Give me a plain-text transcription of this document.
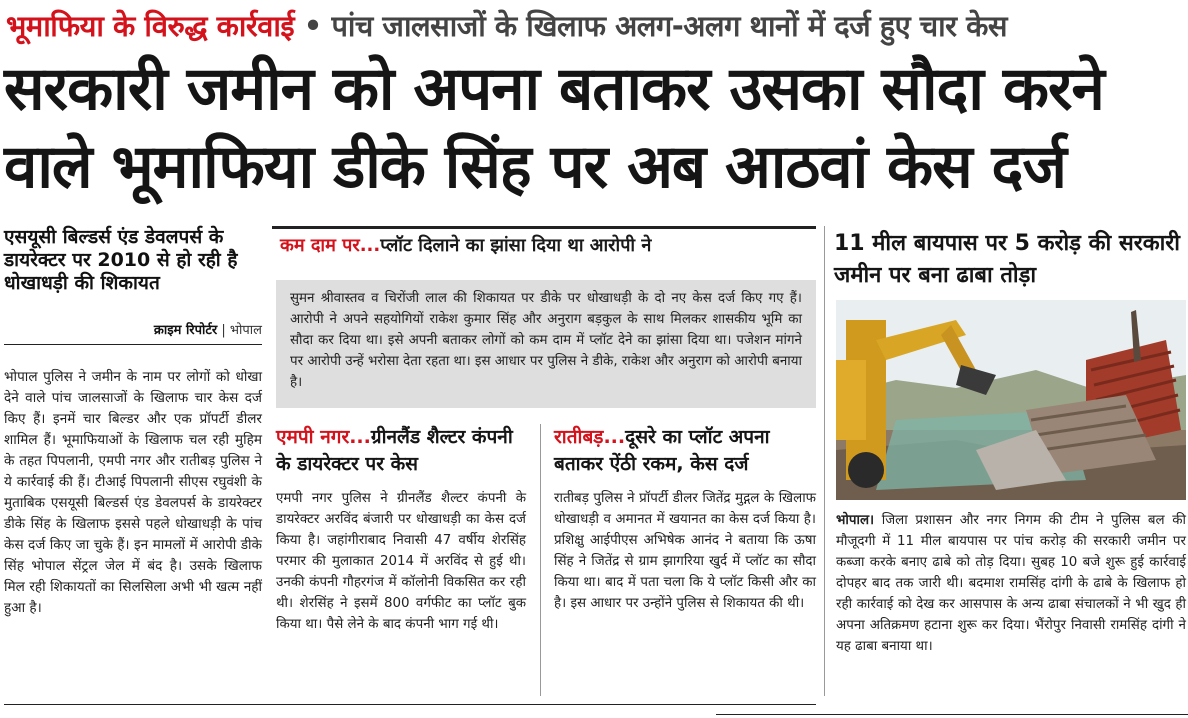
भूमाफिया के विरुद्ध कार्रवाई • पांच जालसाजों के खिलाफ अलग-अलग थानों में दर्ज हुए चार केस
सरकारी जमीन को अपना बताकर उसका सौदा करने
वाले भूमाफिया डीके सिंह पर अब आठवां केस दर्ज
एसयूसी बिल्डर्स एंड डेवलपर्स के डायरेक्टर पर 2010 से हो रही है धोखाधड़ी की शिकायत
क्राइम रिपोर्टर | भोपाल
भोपाल पुलिस ने जमीन के नाम पर लोगों को धोखा देने वाले पांच जालसाजों के खिलाफ चार केस दर्ज किए हैं। इनमें चार बिल्डर और एक प्रॉपर्टी डीलर शामिल हैं। भूमाफियाओं के खिलाफ चल रही मुहिम के तहत पिपलानी, एमपी नगर और रातीबड़ पुलिस ने ये कार्रवाई की हैं। टीआई पिपलानी सीएस रघुवंशी के मुताबिक एसयूसी बिल्डर्स एंड डेवलपर्स के डायरेक्टर डीके सिंह के खिलाफ इससे पहले धोखाधड़ी के पांच केस दर्ज किए जा चुके हैं। इन मामलों में आरोपी डीके सिंह भोपाल सेंट्रल जेल में बंद है। उसके खिलाफ मिल रही शिकायतों का सिलसिला अभी भी खत्म नहीं हुआ है।
कम दाम पर...प्लॉट दिलाने का झांसा दिया था आरोपी ने

सुमन श्रीवास्तव व चिरोंजी लाल की शिकायत पर डीके पर धोखाधड़ी के दो नए केस दर्ज किए गए हैं। आरोपी ने अपने सहयोगियों राकेश कुमार सिंह और अनुराग बड़कुल के साथ मिलकर शासकीय भूमि का सौदा कर दिया था। इसे अपनी बताकर लोगों को कम दाम में प्लॉट देने का झांसा दिया था। पजेशन मांगने पर आरोपी उन्हें भरोसा देता रहता था। इस आधार पर पुलिस ने डीके, राकेश और अनुराग को आरोपी बनाया है।

एमपी नगर...ग्रीनलैंड शैल्टर कंपनी के डायरेक्टर पर केस
एमपी नगर पुलिस ने ग्रीनलैंड शैल्टर कंपनी के डायरेक्टर अरविंद बंजारी पर धोखाधड़ी का केस दर्ज किया है। जहांगीराबाद निवासी 47 वर्षीय शेरसिंह परमार की मुलाकात 2014 में अरविंद से हुई थी। उनकी कंपनी गौहरगंज में कॉलोनी विकसित कर रही थी। शेरसिंह ने इसमें 800 वर्गफीट का प्लॉट बुक किया था। पैसे लेने के बाद कंपनी भाग गई थी।
रातीबड़...दूसरे का प्लॉट अपना बताकर ऐंठी रकम, केस दर्ज
रातीबड़ पुलिस ने प्रॉपर्टी डीलर जितेंद्र मुद्गल के खिलाफ धोखाधड़ी व अमानत में खयानत का केस दर्ज किया है। प्रशिक्षु आईपीएस अभिषेक आनंद ने बताया कि ऊषा सिंह ने जितेंद्र से ग्राम झागरिया खुर्द में प्लॉट का सौदा किया था। बाद में पता चला कि ये प्लॉट किसी और का है। इस आधार पर उन्होंने पुलिस से शिकायत की थी।
11 मील बायपास पर 5 करोड़ की सरकारी जमीन पर बना ढाबा तोड़ा
भोपाल। जिला प्रशासन और नगर निगम की टीम ने पुलिस बल की मौजूदगी में 11 मील बायपास पर पांच करोड़ की सरकारी जमीन पर कब्जा करके बनाए ढाबे को तोड़ दिया। सुबह 10 बजे शुरू हुई कार्रवाई दोपहर बाद तक जारी थी। बदमाश रामसिंह दांगी के ढाबे के खिलाफ हो रही कार्रवाई को देख कर आसपास के अन्य ढाबा संचालकों ने भी खुद ही अपना अतिक्रमण हटाना शुरू कर दिया। भैंरोपुर निवासी रामसिंह दांगी ने यह ढाबा बनाया था।
